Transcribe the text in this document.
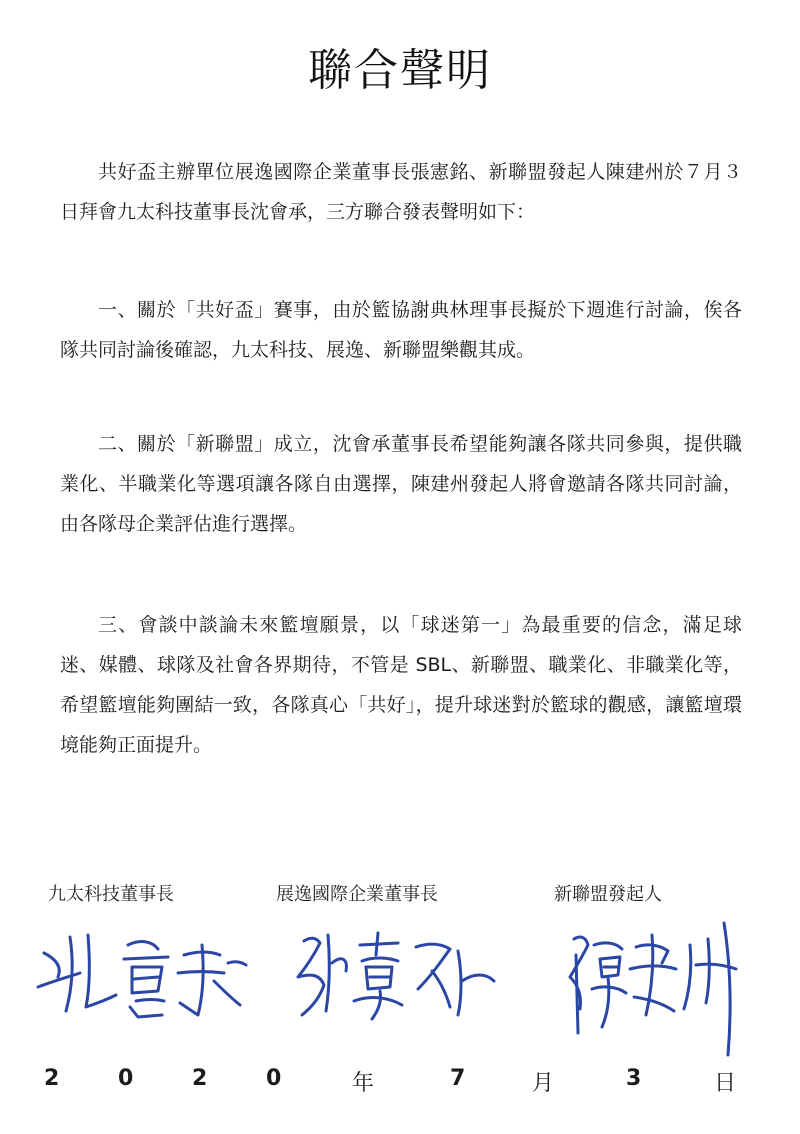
聯合聲明

共好盃主辦單位展逸國際企業董事長張憲銘、新聯盟發起人陳建州於７月３日拜會九太科技董事長沈會承，三方聯合發表聲明如下：

一、關於「共好盃」賽事，由於籃協謝典林理事長擬於下週進行討論，俟各隊共同討論後確認，九太科技、展逸、新聯盟樂觀其成。

二、關於「新聯盟」成立，沈會承董事長希望能夠讓各隊共同參與，提供職業化、半職業化等選項讓各隊自由選擇，陳建州發起人將會邀請各隊共同討論，由各隊母企業評估進行選擇。

三、會談中談論未來籃壇願景，以「球迷第一」為最重要的信念，滿足球迷、媒體、球隊及社會各界期待，不管是 SBL、新聯盟、職業化、非職業化等，希望籃壇能夠團結一致，各隊真心「共好」，提升球迷對於籃球的觀感，讓籃壇環境能夠正面提升。

九太科技董事長	展逸國際企業董事長	新聯盟發起人
2	0	2	0	年	7	月	3	日
